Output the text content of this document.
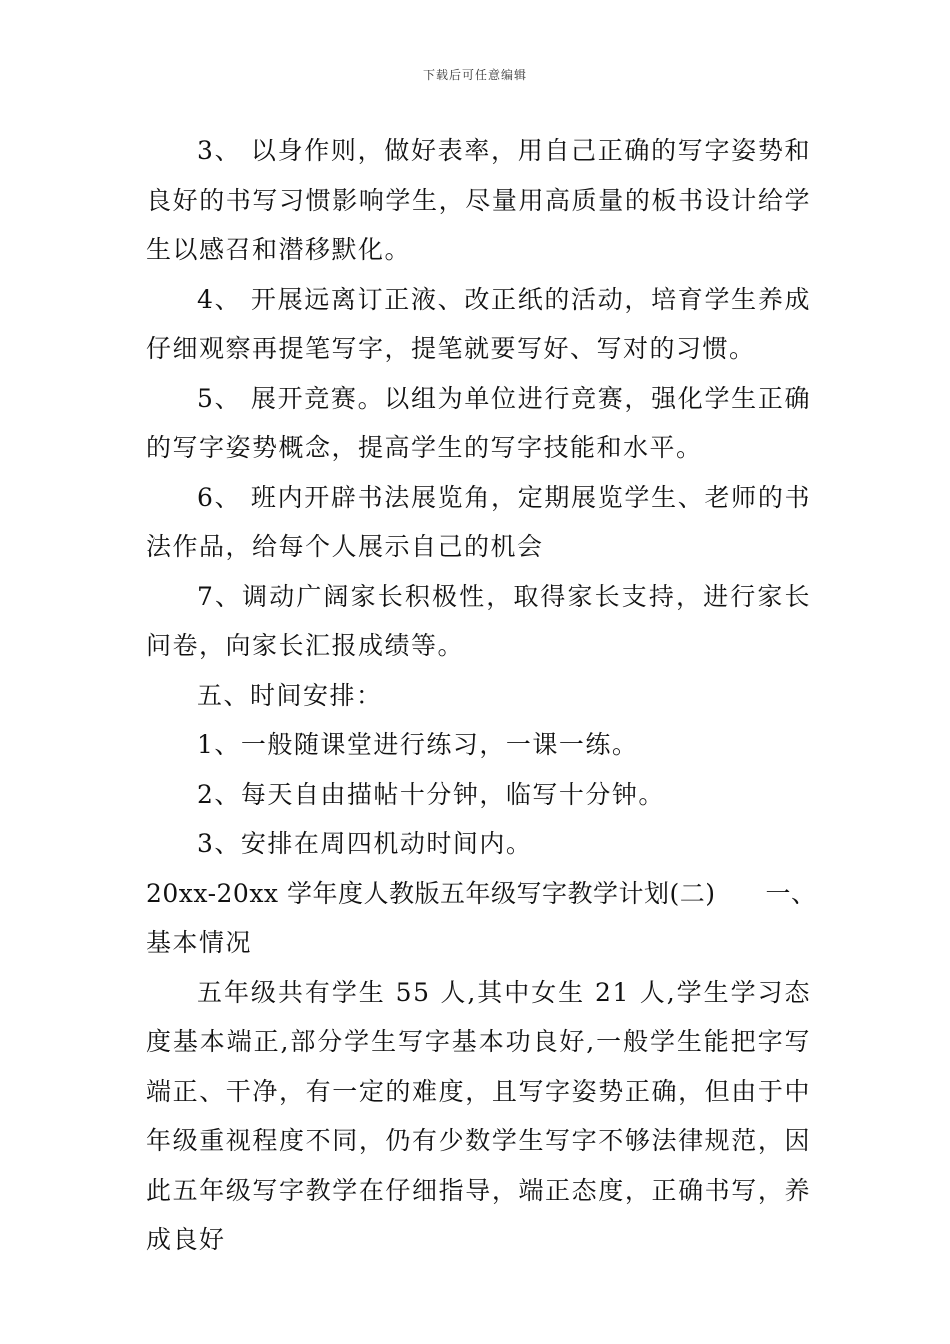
下载后可任意编辑

3、 以身作则，做好表率，用自己正确的写字姿势和良好的书写习惯影响学生，尽量用高质量的板书设计给学生以感召和潜移默化。

4、 开展远离订正液、改正纸的活动，培育学生养成仔细观察再提笔写字，提笔就要写好、写对的习惯。

5、 展开竞赛。以组为单位进行竞赛，强化学生正确的写字姿势概念，提高学生的写字技能和水平。

6、 班内开辟书法展览角，定期展览学生、老师的书法作品，给每个人展示自己的机会

7、调动广阔家长积极性，取得家长支持，进行家长问卷，向家长汇报成绩等。

五、时间安排：

1、一般随课堂进行练习，一课一练。

2、每天自由描帖十分钟，临写十分钟。

3、安排在周四机动时间内。

20xx-20xx 学年度人教版五年级写字教学计划(二) 一、

基本情况

五年级共有学生 55 人,其中女生 21 人,学生学习态度基本端正,部分学生写字基本功良好,一般学生能把字写端正、干净，有一定的难度，且写字姿势正确，但由于中年级重视程度不同，仍有少数学生写字不够法律规范，因此五年级写字教学在仔细指导，端正态度，正确书写，养成良好
